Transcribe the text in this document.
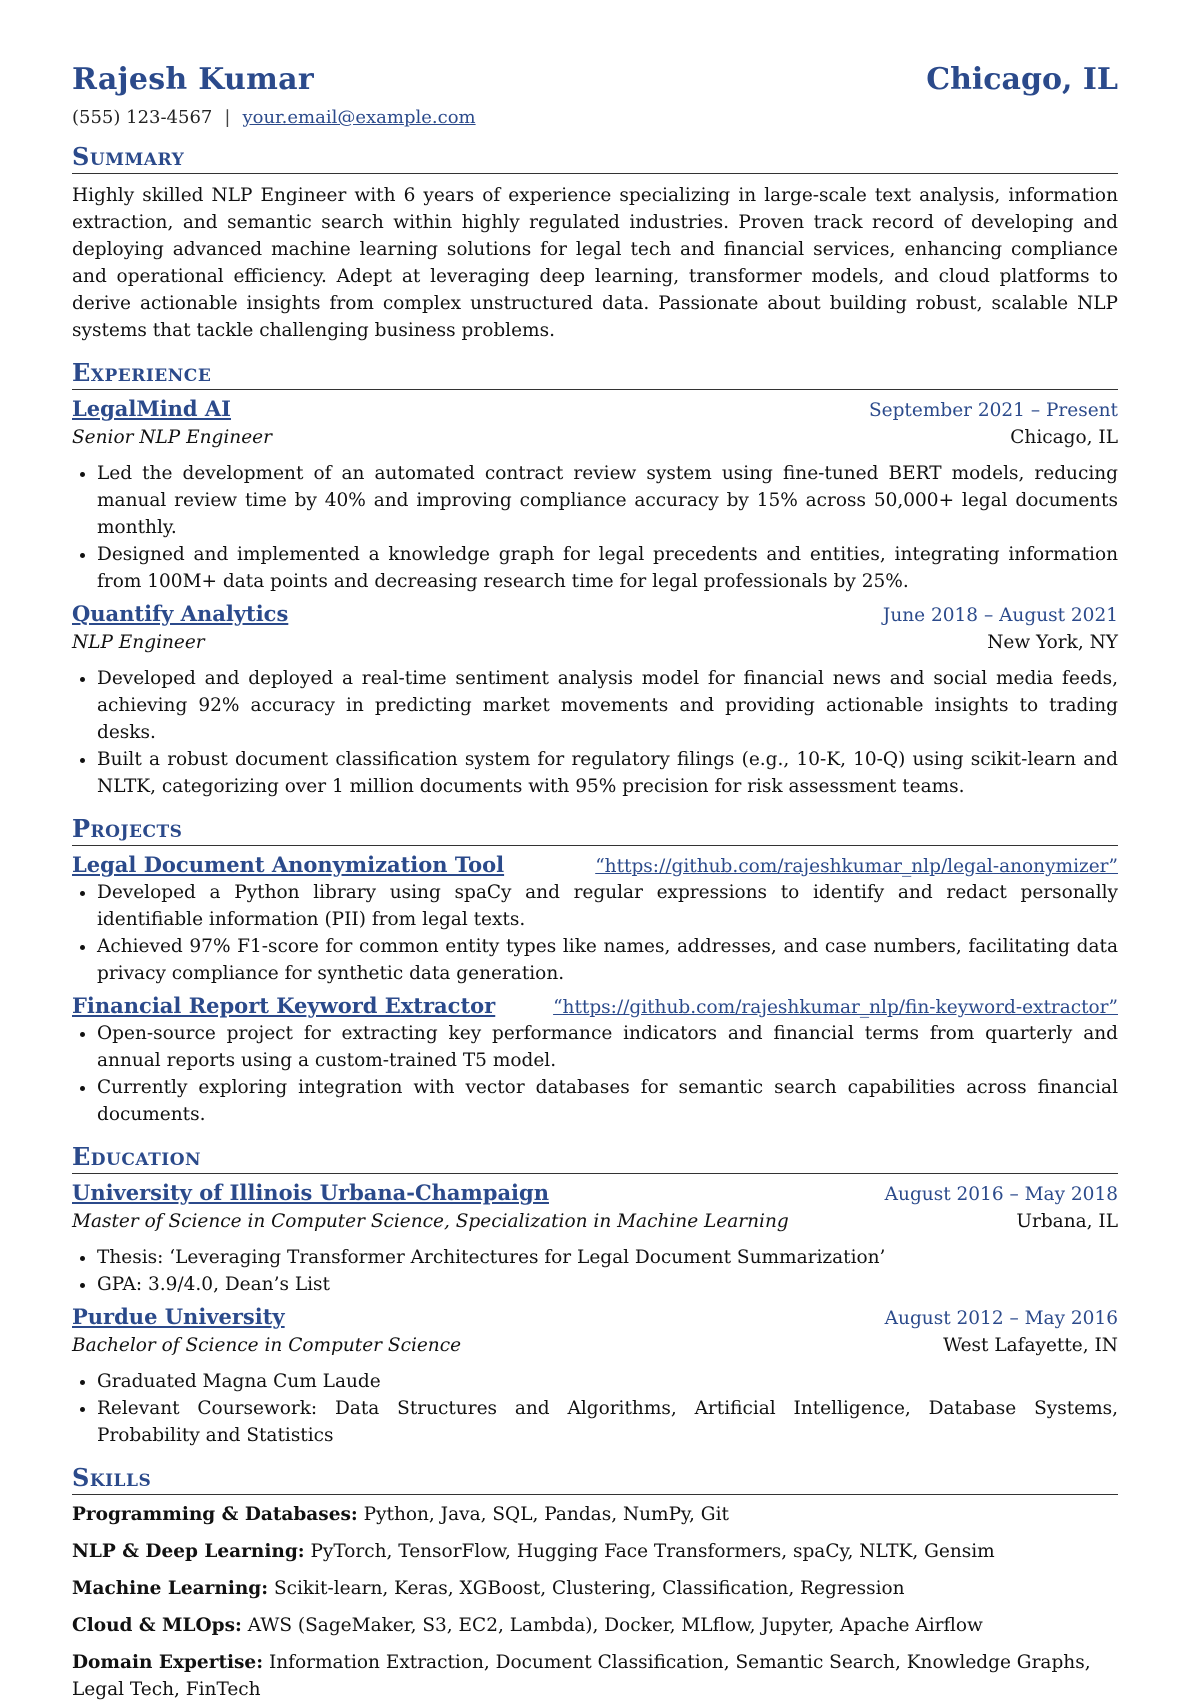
Rajesh Kumar	Chicago, IL
(555) 123-4567 | your.email@example.com
Summary
Highly skilled NLP Engineer with 6 years of experience specializing in large-scale text analysis, information extraction, and semantic search within highly regulated industries. Proven track record of developing and deploying advanced machine learning solutions for legal tech and financial services, enhancing compliance and operational efficiency. Adept at leveraging deep learning, transformer models, and cloud platforms to derive actionable insights from complex unstructured data. Passionate about building robust, scalable NLP systems that tackle challenging business problems.
Experience
LegalMind AI	September 2021 – Present
Senior NLP Engineer	Chicago, IL
• Led the development of an automated contract review system using fine-tuned BERT models, reducing manual review time by 40% and improving compliance accuracy by 15% across 50,000+ legal documents monthly.
• Designed and implemented a knowledge graph for legal precedents and entities, integrating information from 100M+ data points and decreasing research time for legal professionals by 25%.
Quantify Analytics	June 2018 – August 2021
NLP Engineer	New York, NY
• Developed and deployed a real-time sentiment analysis model for financial news and social media feeds, achieving 92% accuracy in predicting market movements and providing actionable insights to trading desks.
• Built a robust document classification system for regulatory filings (e.g., 10-K, 10-Q) using scikit-learn and NLTK, categorizing over 1 million documents with 95% precision for risk assessment teams.
Projects
Legal Document Anonymization Tool	“https://github.com/rajeshkumar_nlp/legal-anonymizer”
• Developed a Python library using spaCy and regular expressions to identify and redact personally identifiable information (PII) from legal texts.
• Achieved 97% F1-score for common entity types like names, addresses, and case numbers, facilitating data privacy compliance for synthetic data generation.
Financial Report Keyword Extractor	“https://github.com/rajeshkumar_nlp/fin-keyword-extractor”
• Open-source project for extracting key performance indicators and financial terms from quarterly and annual reports using a custom-trained T5 model.
• Currently exploring integration with vector databases for semantic search capabilities across financial documents.
Education
University of Illinois Urbana-Champaign	August 2016 – May 2018
Master of Science in Computer Science, Specialization in Machine Learning	Urbana, IL
• Thesis: ‘Leveraging Transformer Architectures for Legal Document Summarization’
• GPA: 3.9/4.0, Dean’s List
Purdue University	August 2012 – May 2016
Bachelor of Science in Computer Science	West Lafayette, IN
• Graduated Magna Cum Laude
• Relevant Coursework: Data Structures and Algorithms, Artificial Intelligence, Database Systems, Probability and Statistics
Skills
Programming & Databases: Python, Java, SQL, Pandas, NumPy, Git
NLP & Deep Learning: PyTorch, TensorFlow, Hugging Face Transformers, spaCy, NLTK, Gensim
Machine Learning: Scikit-learn, Keras, XGBoost, Clustering, Classification, Regression
Cloud & MLOps: AWS (SageMaker, S3, EC2, Lambda), Docker, MLflow, Jupyter, Apache Airflow
Domain Expertise: Information Extraction, Document Classification, Semantic Search, Knowledge Graphs, Legal Tech, FinTech
